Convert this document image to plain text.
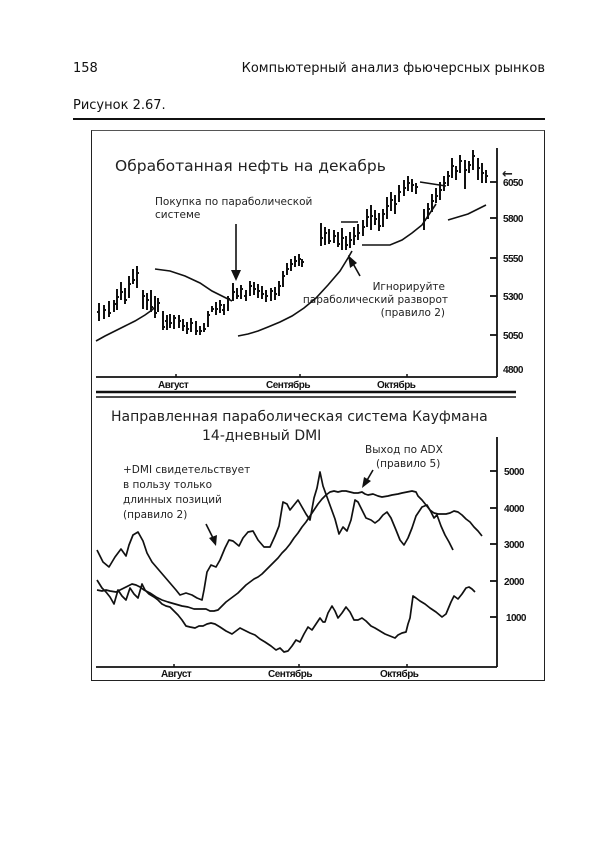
158	Компьютерный анализ фьючерсных рынков
Рисунок 2.67.
Обработанная нефть на декабрь
Покупка по параболической
системе
Игнорируйте
параболический разворот
(правило 2)
6050
5800
5550
5300
5050
4800
←
Август	Сентябрь	Октябрь
Направленная параболическая система Кауфмана
14-дневный DMI
+DMI свидетельствует
в пользу только
длинных позиций
(правило 2)
Выход по ADX
(правило 5)
5000
4000
3000
2000
1000
Август	Сентябрь	Октябрь
